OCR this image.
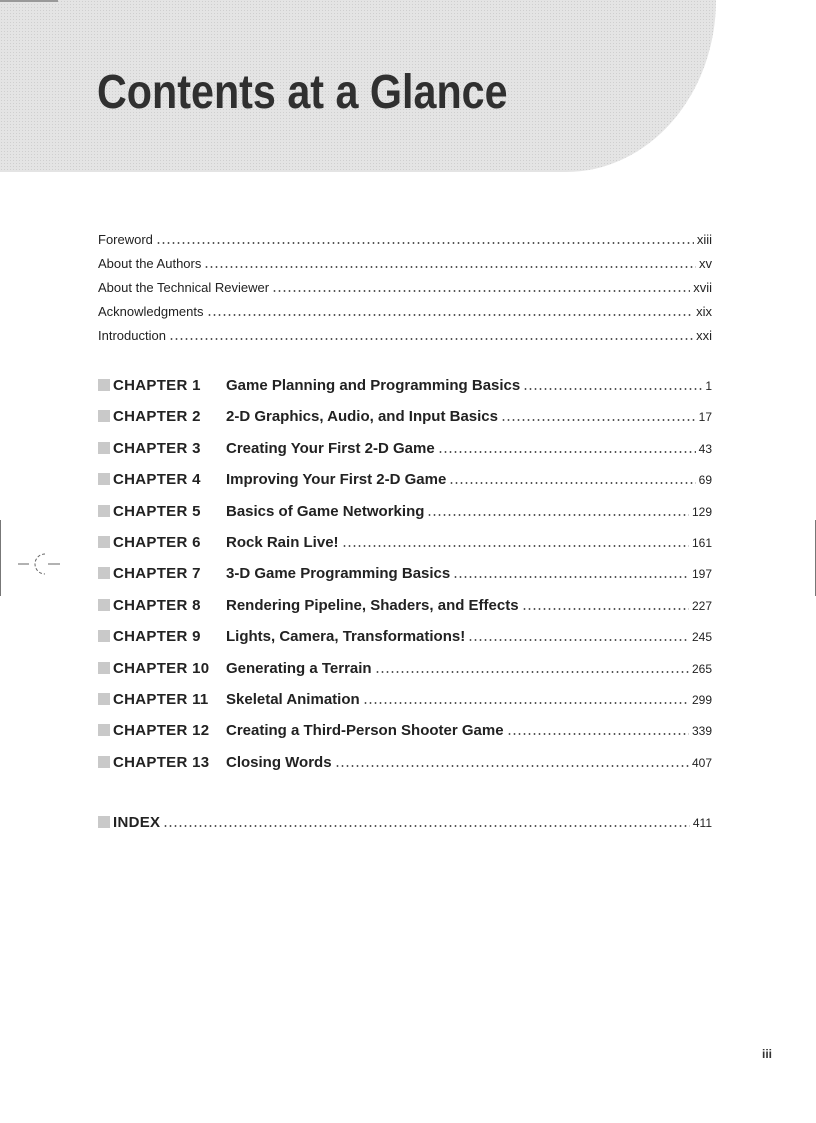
Contents at a Glance
Foreword	xiii
About the Authors	xv
About the Technical Reviewer	xvii
Acknowledgments	xix
Introduction	xxi
CHAPTER 1 Game Planning and Programming Basics	1
CHAPTER 2 2-D Graphics, Audio, and Input Basics	17
CHAPTER 3 Creating Your First 2-D Game	43
CHAPTER 4 Improving Your First 2-D Game	69
CHAPTER 5 Basics of Game Networking	129
CHAPTER 6 Rock Rain Live!	161
CHAPTER 7 3-D Game Programming Basics	197
CHAPTER 8 Rendering Pipeline, Shaders, and Effects	227
CHAPTER 9 Lights, Camera, Transformations!	245
CHAPTER 10 Generating a Terrain	265
CHAPTER 11 Skeletal Animation	299
CHAPTER 12 Creating a Third-Person Shooter Game	339
CHAPTER 13 Closing Words	407
INDEX	411
iii
